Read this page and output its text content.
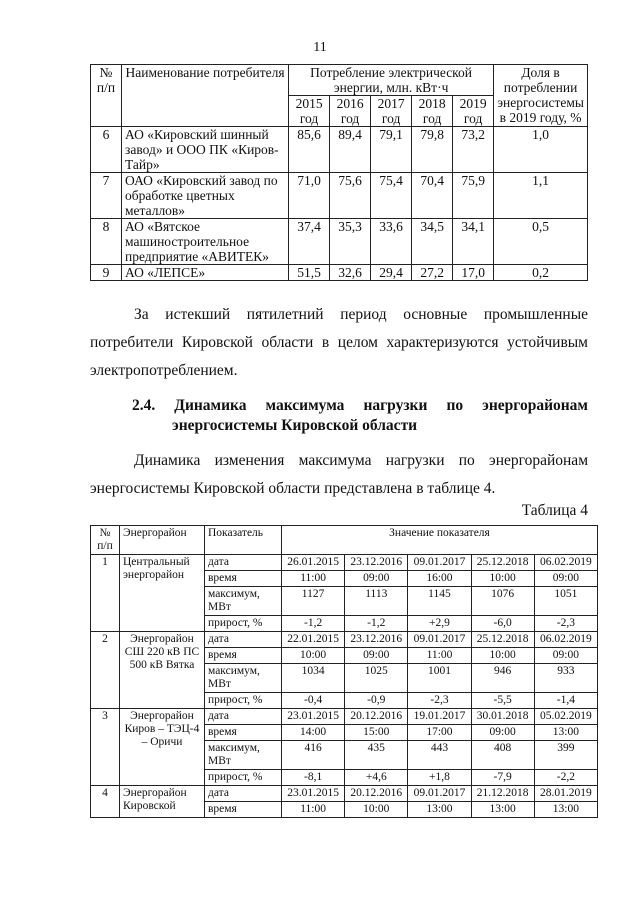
11
№ п/п	Наименование потребителя	Потребление электрической энергии, млн. кВт·ч					Доля в потреблении энергосистемы в 2019 году, %
		2015 год	2016 год	2017 год	2018 год	2019 год	
6	АО «Кировский шинный завод» и ООО ПК «Киров-Тайр»	85,6	89,4	79,1	79,8	73,2	1,0
7	ОАО «Кировский завод по обработке цветных металлов»	71,0	75,6	75,4	70,4	75,9	1,1
8	АО «Вятское машиностроительное предприятие «АВИТЕК»	37,4	35,3	33,6	34,5	34,1	0,5
9	АО «ЛЕПСЕ»	51,5	32,6	29,4	27,2	17,0	0,2
За истекший пятилетний период основные промышленные
потребители Кировской области в целом характеризуются устойчивым
электропотреблением.
2.4. Динамика максимума нагрузки по энергорайонам
энергосистемы Кировской области
Динамика изменения максимума нагрузки по энергорайонам
энергосистемы Кировской области представлена в таблице 4.
Таблица 4
№ п/п	Энергорайон	Показатель	Значение показателя				
1	Центральный энергорайон	дата	26.01.2015	23.12.2016	09.01.2017	25.12.2018	06.02.2019
		время	11:00	09:00	16:00	10:00	09:00
		максимум, МВт	1127	1113	1145	1076	1051
		прирост, %	-1,2	-1,2	+2,9	-6,0	-2,3
2	Энергорайон СШ 220 кВ ПС 500 кВ Вятка	дата	22.01.2015	23.12.2016	09.01.2017	25.12.2018	06.02.2019
		время	10:00	09:00	11:00	10:00	09:00
		максимум, МВт	1034	1025	1001	946	933
		прирост, %	-0,4	-0,9	-2,3	-5,5	-1,4
3	Энергорайон Киров – ТЭЦ-4 – Оричи	дата	23.01.2015	20.12.2016	19.01.2017	30.01.2018	05.02.2019
		время	14:00	15:00	17:00	09:00	13:00
		максимум, МВт	416	435	443	408	399
		прирост, %	-8,1	+4,6	+1,8	-7,9	-2,2
4	Энергорайон Кировской	дата	23.01.2015	20.12.2016	09.01.2017	21.12.2018	28.01.2019
		время	11:00	10:00	13:00	13:00	13:00
